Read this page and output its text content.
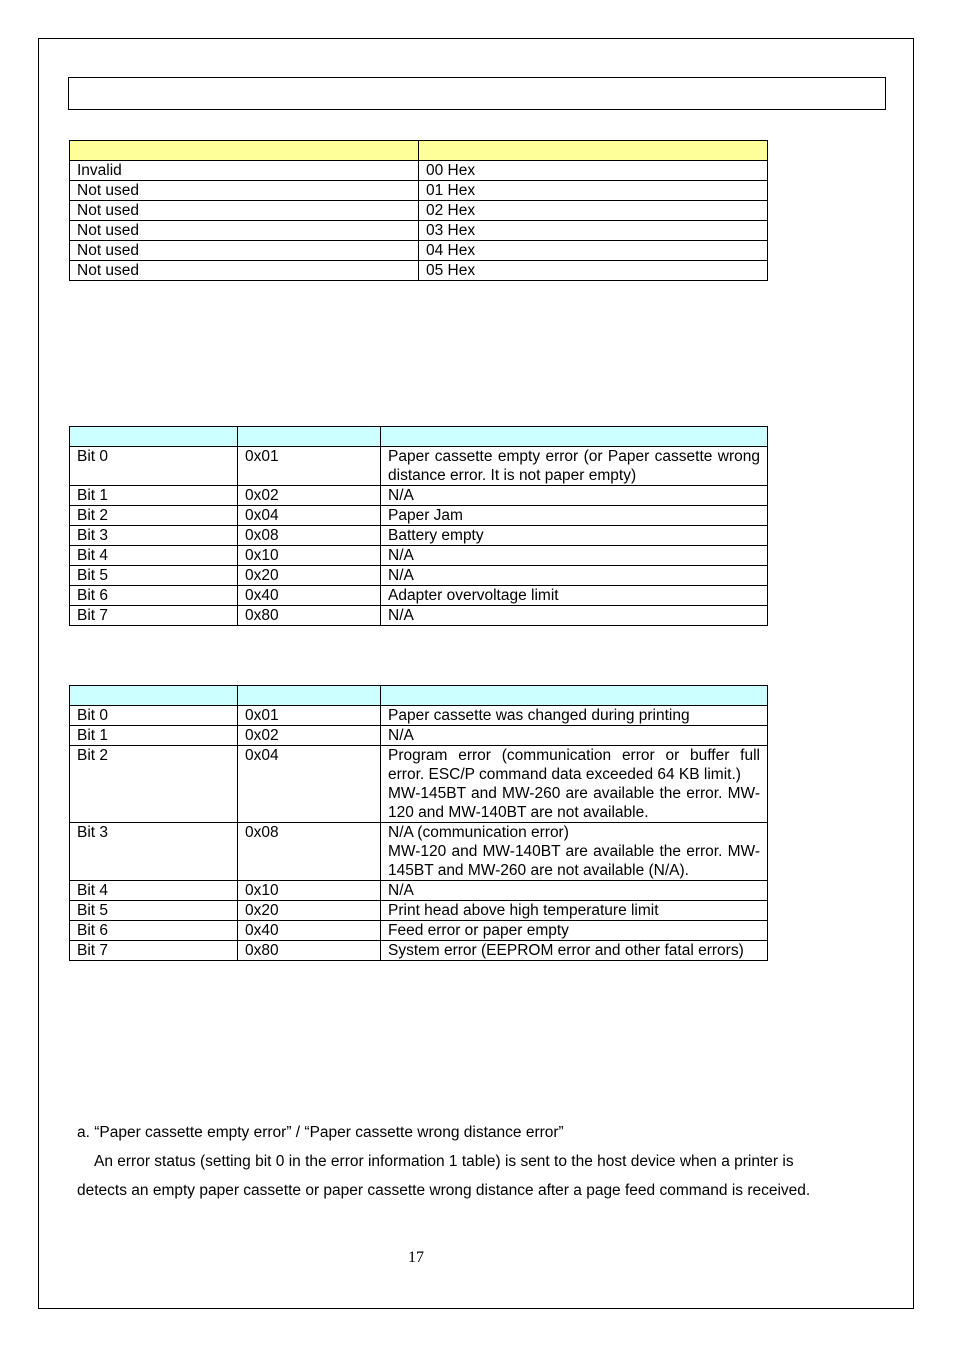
Invalid	00 Hex
Not used	01 Hex
Not used	02 Hex
Not used	03 Hex
Not used	04 Hex
Not used	05 Hex

Bit 0	0x01	Paper cassette empty error (or Paper cassette wrong distance error. It is not paper empty)

Bit 1	0x02	N/A

Bit 2	0x04	Paper Jam

Bit 3	0x08	Battery empty

Bit 4	0x10	N/A

Bit 5	0x20	N/A

Bit 6	0x40	Adapter overvoltage limit

Bit 7	0x80	N/A

Bit 0	0x01	Paper cassette was changed during printing

Bit 1	0x02	N/A

Bit 2	0x04	Program error (communication error or buffer full error. ESC/P command data exceeded 64 KB limit.)
MW-145BT and MW-260 are available the error. MW-120 and MW-140BT are not available.

Bit 3	0x08	N/A (communication error)
MW-120 and MW-140BT are available the error. MW-145BT and MW-260 are not available (N/A).

Bit 4	0x10	N/A

Bit 5	0x20	Print head above high temperature limit

Bit 6	0x40	Feed error or paper empty

Bit 7	0x80	System error (EEPROM error and other fatal errors)
a. “Paper cassette empty error” / “Paper cassette wrong distance error”
An error status (setting bit 0 in the error information 1 table) is sent to the host device when a printer is
detects an empty paper cassette or paper cassette wrong distance after a page feed command is received.
17
